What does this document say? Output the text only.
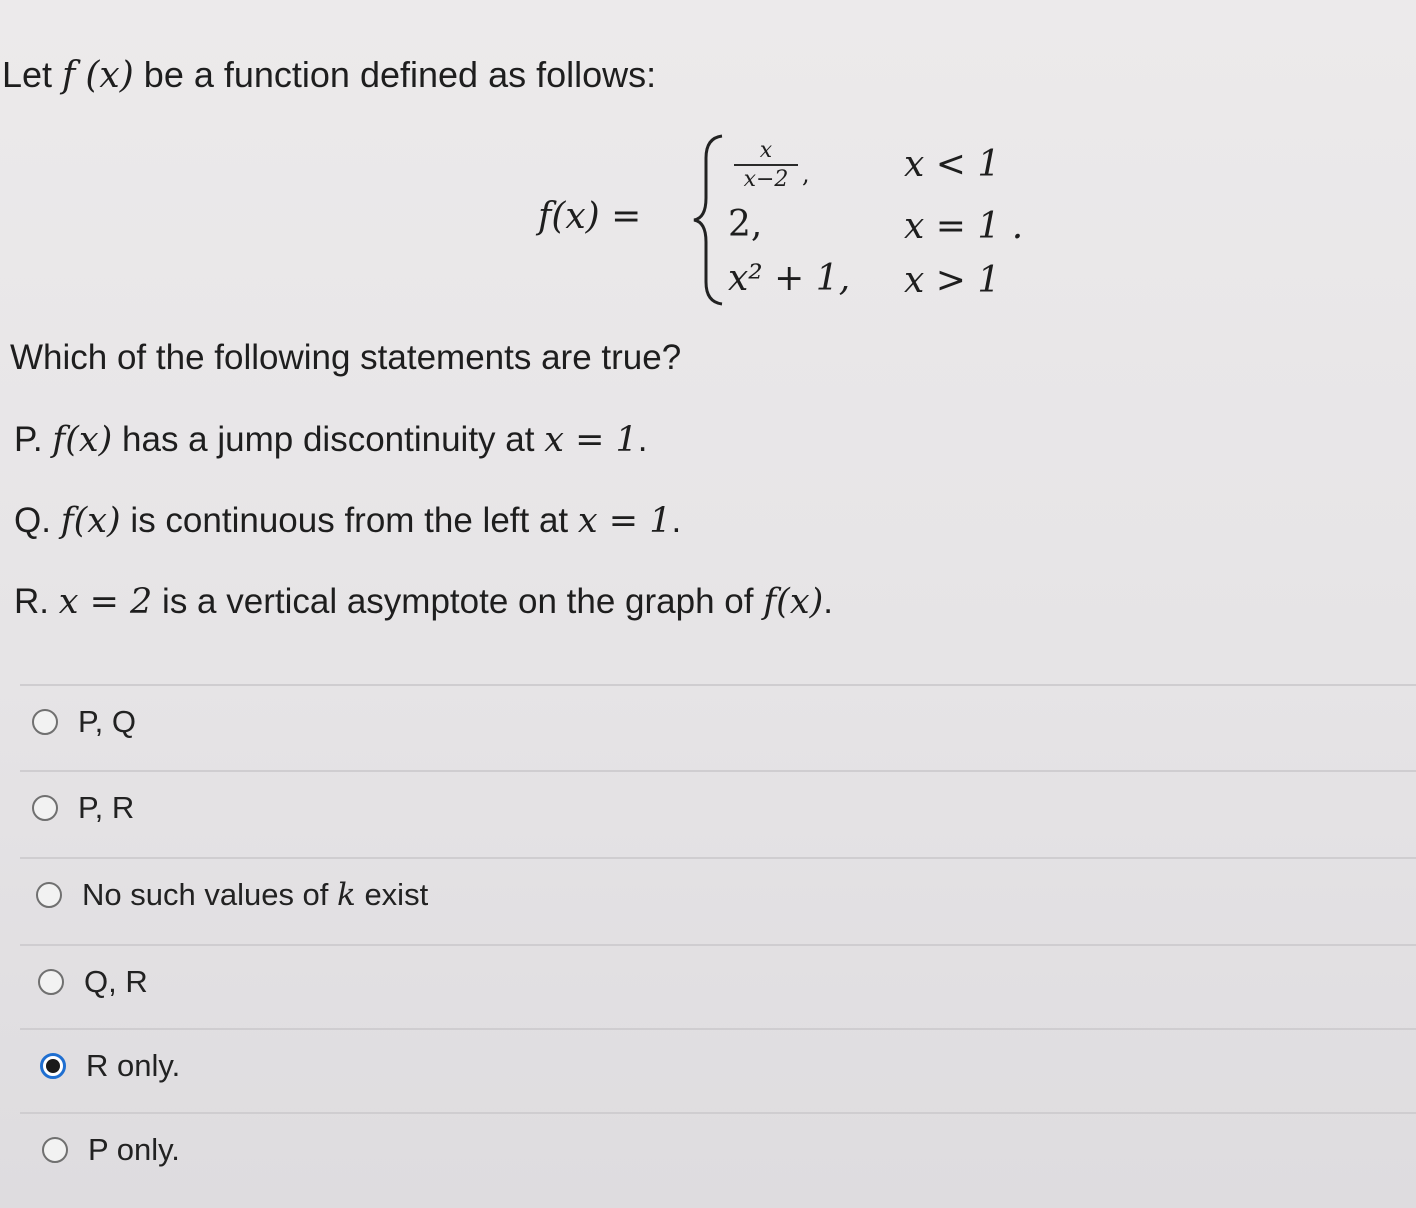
Let f (x) be a function defined as follows:
f(x) =
$\frac{x}{x-2}$ ,
2,
x² + 1,
x < 1
x = 1 .
x > 1
Which of the following statements are true?
P. f(x) has a jump discontinuity at x = 1.
Q. f(x) is continuous from the left at x = 1.
R. x = 2 is a vertical asymptote on the graph of f(x).
P, Q
P, R
No such values of k exist
Q, R
R only.
P only.
